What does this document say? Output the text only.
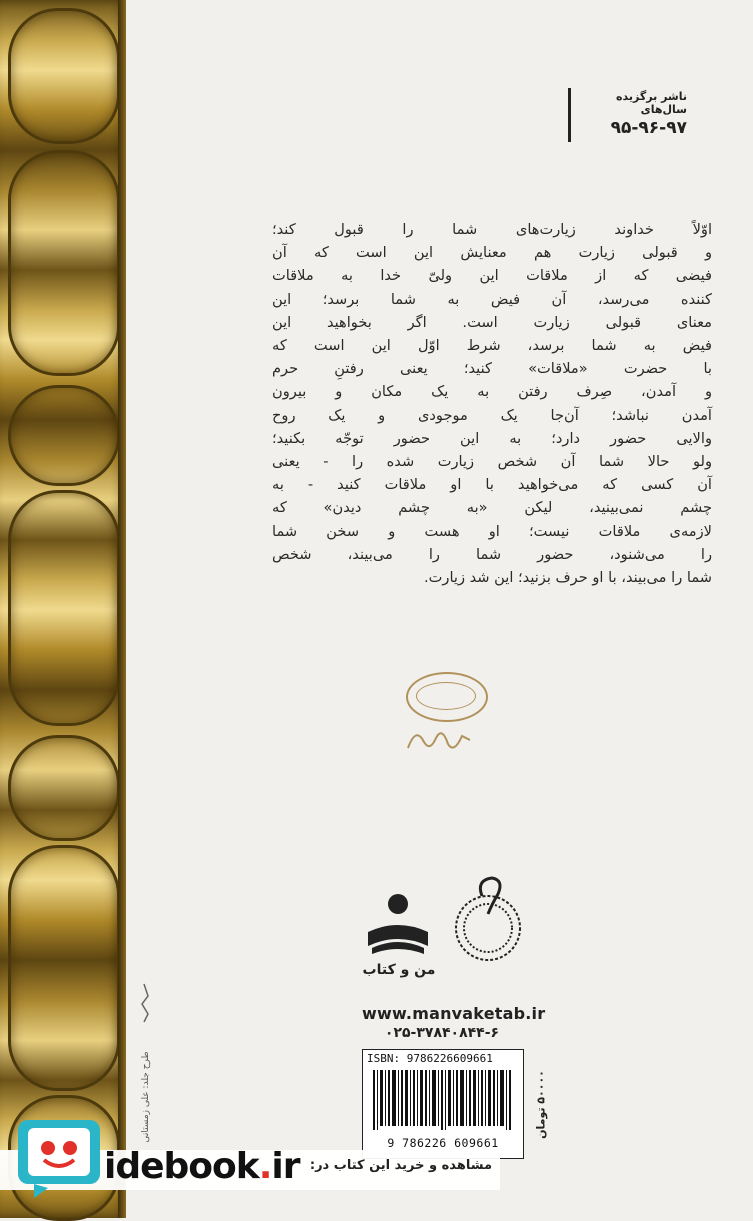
ناشر برگزیده سال‌های
۹۵-۹۶-۹۷
اوّلاً خداوند زیارت‌های شما را قبول کند؛
و قبولی زیارت هم معنایش این است که آن
فیضی که از ملاقات این ولیّ خدا به ملاقات
کننده می‌رسد، آن فیض به شما برسد؛ این
معنای قبولی زیارت است. اگر بخواهید این
فیض به شما برسد، شرط اوّل این است که
با حضرت «ملاقات» کنید؛ یعنی رفتنِ حرم
و آمدن، صِرف رفتن به یک مکان و بیرون
آمدن نباشد؛ آن‌جا یک موجودی و یک روح
والایی حضور دارد؛ به این حضور توجّه بکنید؛
ولو حالا شما آن شخص زیارت شده را - یعنی
آن کسی که می‌خواهید با او ملاقات کنید - به
چشم نمی‌بینید، لیکن «به چشم دیدن» که
لازمه‌ی ملاقات نیست؛ او هست و سخن شما
را می‌شنود، حضور شما را می‌بیند، شخص
شما را می‌بیند، با او حرف بزنید؛ این شد زیارت.
من و کتاب
www.manvaketab.ir
۰۲۵-۳۷۸۴۰۸۴۴-۶
ISBN: 9786226609661
9 786226 609661
۵۰۰۰۰ تومان
طرح جلد: علی زمستانی
idebook.ir مشاهده و خرید این کتاب در:
